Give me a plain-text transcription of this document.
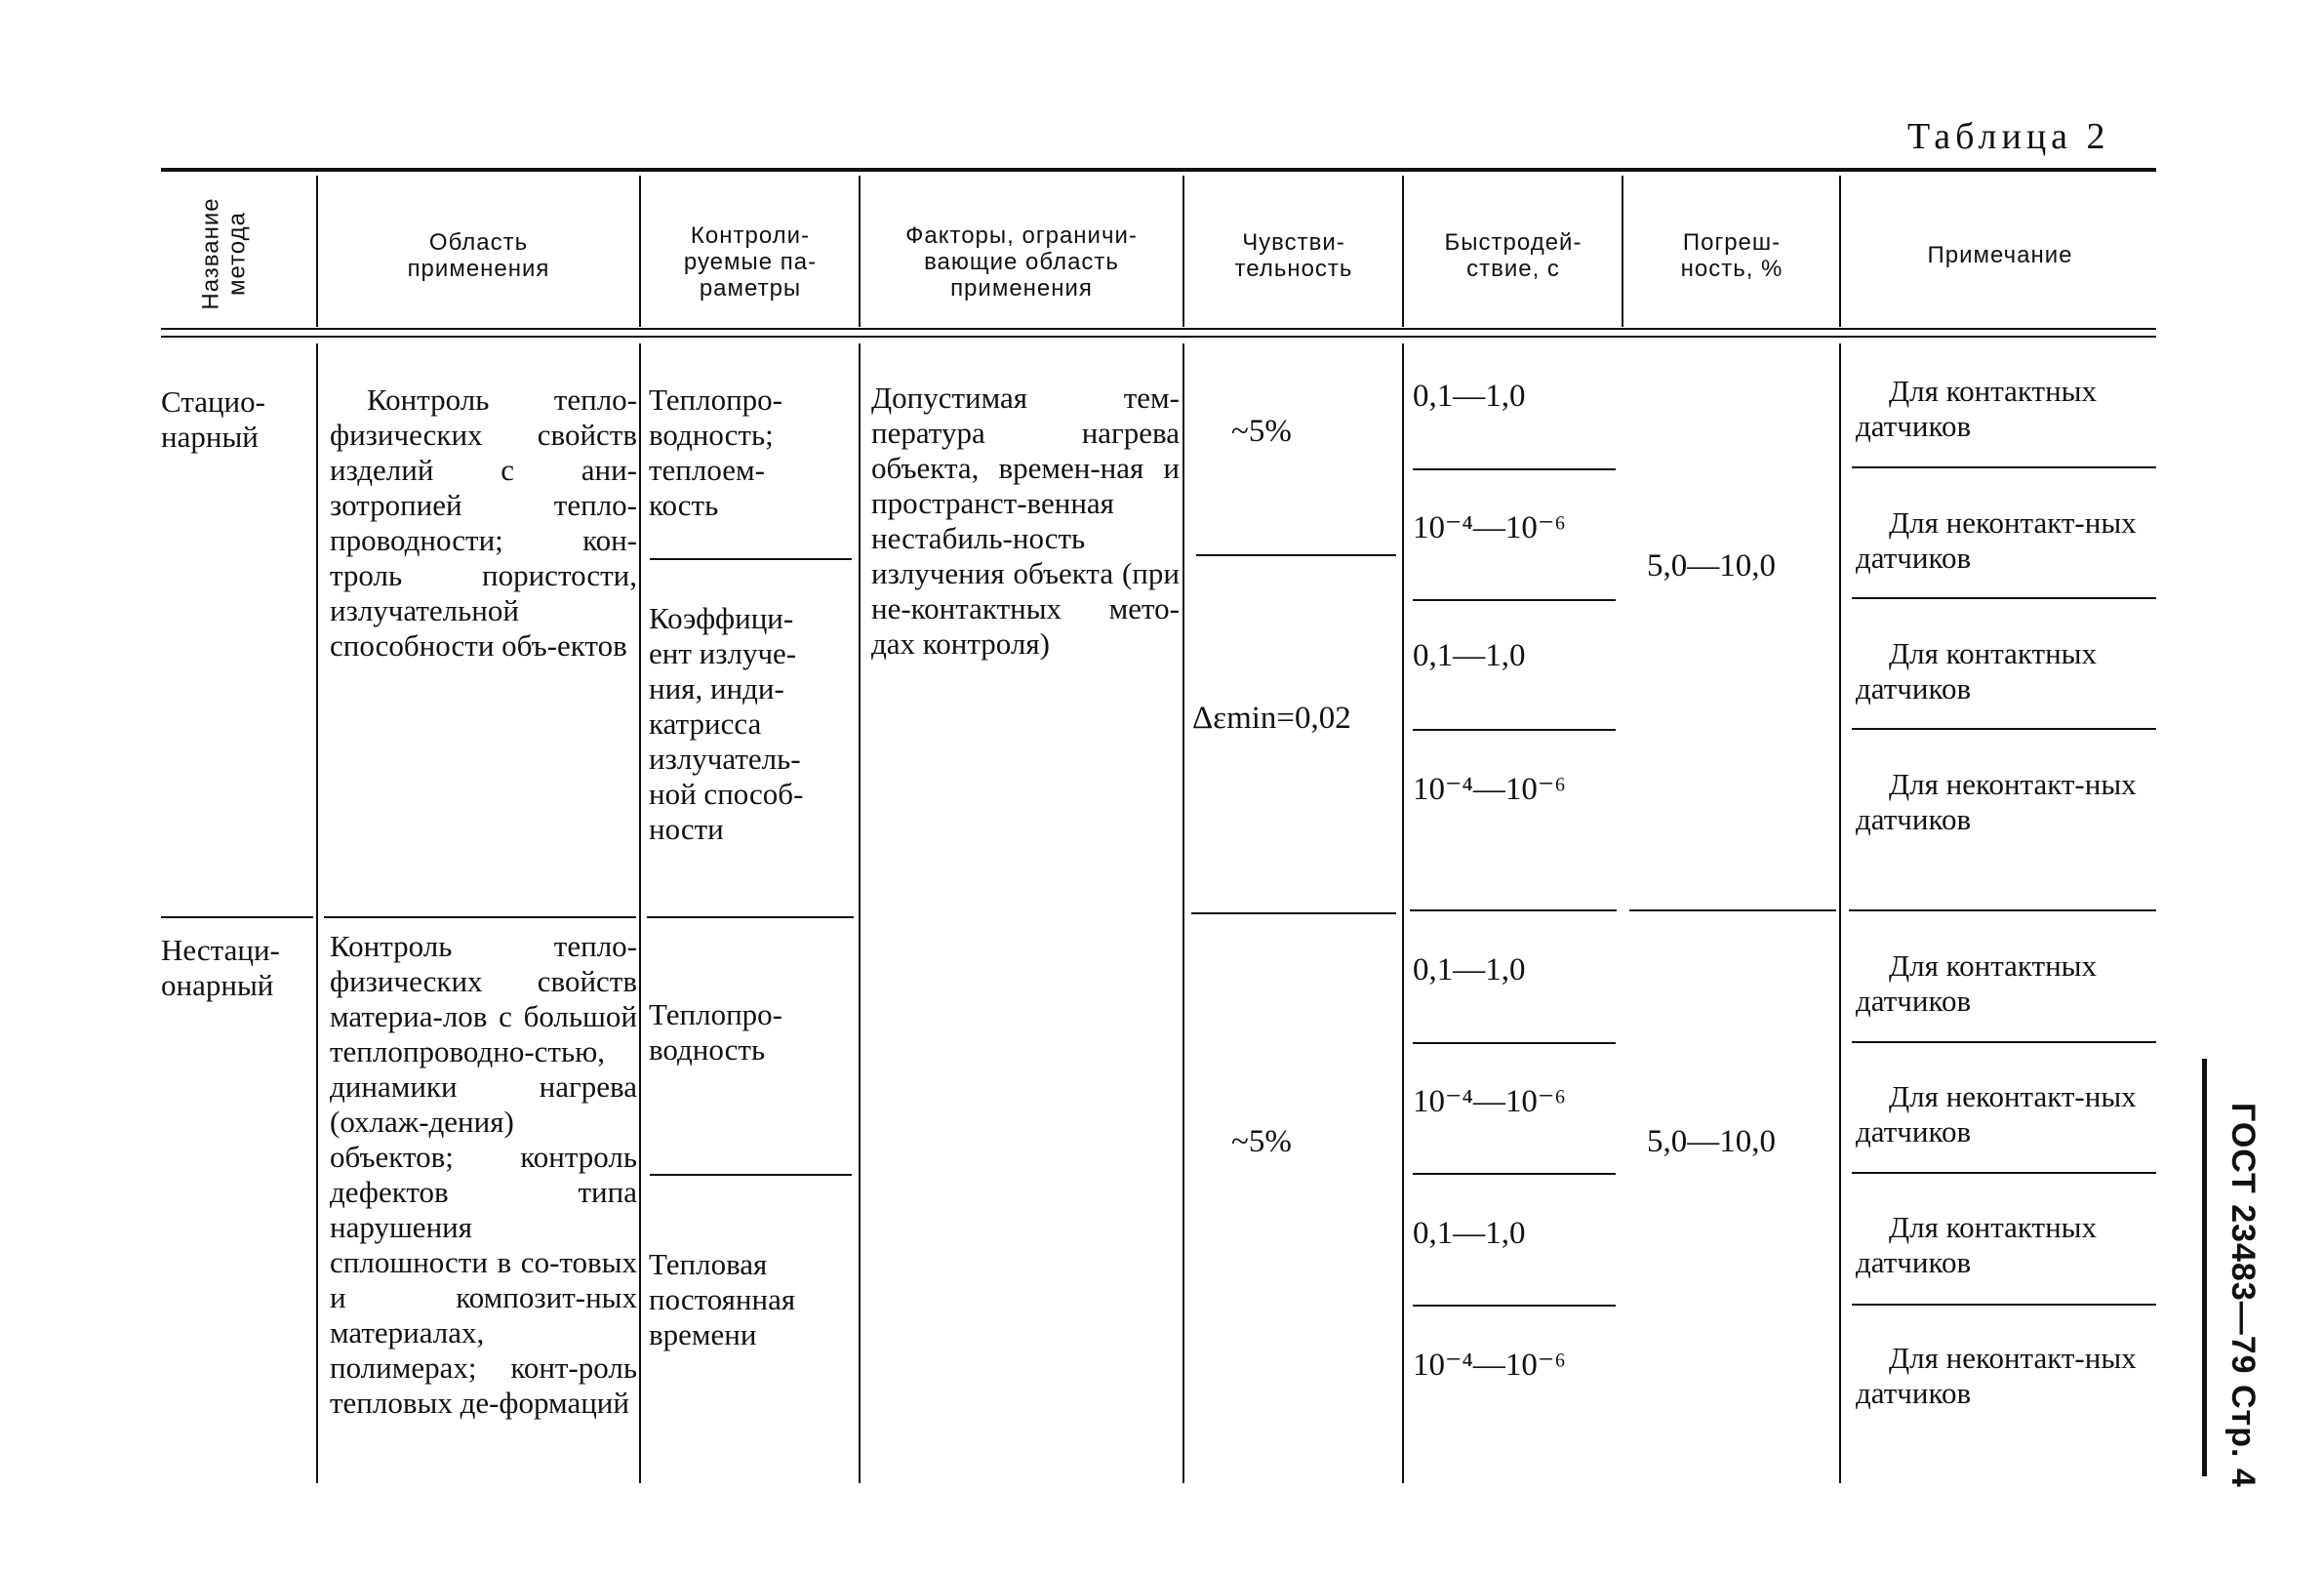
Таблица 2
Название
метода	Область
применения
Контроли-
руемые па-
раметры
Факторы, ограничи-
вающие область
применения
Чувстви-
тельность
Быстродей-
ствие, с
Погреш-
ность, %
Примечание
Стацио-
нарный
Контроль тепло-физических свойств изделий с ани-зотропией тепло-проводности; кон-троль пористости, излучательной способности объ-ектов
Теплопро-
водность;
теплоем-
кость
Коэффици-
ент излуче-
ния, инди-
катрисса
излучатель-
ной способ-
ности
Допустимая тем-пература нагрева объекта, времен-ная и пространст-венная нестабиль-ность излучения объекта (при не-контактных мето-дах контроля)
~5%
Δεmin=0,02
0,1—1,0
10⁻⁴—10⁻⁶
0,1—1,0
10⁻⁴—10⁻⁶
5,0—10,0
Для контактных датчиков
Для неконтакт-ных датчиков
Для контактных датчиков
Для неконтакт-ных датчиков
Нестаци-
онарный
Контроль тепло-физических свойств материа-лов с большой теплопроводно-стью, динамики нагрева (охлаж-дения) объектов; контроль дефектов типа нарушения сплошности в со-товых и композит-ных материалах, полимерах; конт-роль тепловых де-формаций
Теплопро-
водность
Тепловая
постоянная
времени
~5%
0,1—1,0
10⁻⁴—10⁻⁶
0,1—1,0
10⁻⁴—10⁻⁶
5,0—10,0
Для контактных датчиков
Для неконтакт-ных датчиков
Для контактных датчиков
Для неконтакт-ных датчиков	ГОСТ 23483—79 Стр. 4
